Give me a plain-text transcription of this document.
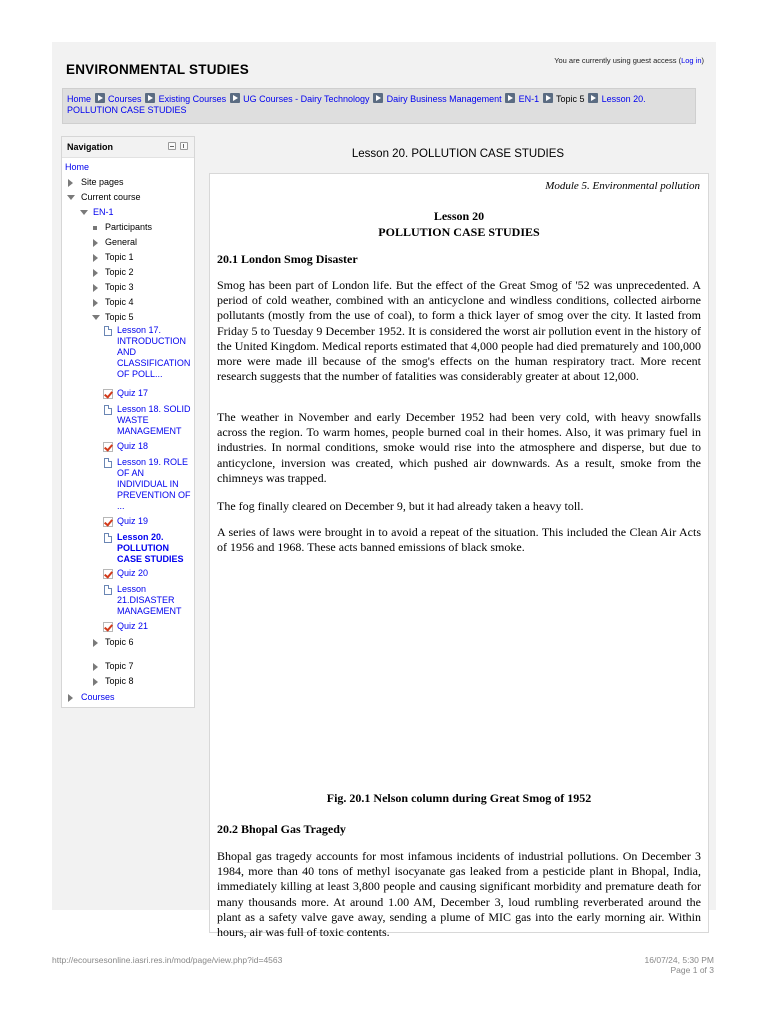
ENVIRONMENTAL STUDIES
You are currently using guest access (Log in)
Home Courses Existing Courses UG Courses - Dairy Technology Dairy Business Management EN-1 Topic 5 Lesson 20. POLLUTION CASE STUDIES
Navigation
Home
Site pages
Current course
EN-1
Participants
General
Topic 1
Topic 2
Topic 3
Topic 4
Topic 5
Lesson 17. INTRODUCTION AND CLASSIFICATION OF POLL...
Quiz 17
Lesson 18. SOLID WASTE MANAGEMENT
Quiz 18
Lesson 19. ROLE OF AN INDIVIDUAL IN PREVENTION OF ...
Quiz 19
Lesson 20. POLLUTION CASE STUDIES
Quiz 20
Lesson 21.DISASTER MANAGEMENT
Quiz 21
Topic 6
Topic 7
Topic 8
Courses
Lesson 20. POLLUTION CASE STUDIES
Module 5. Environmental pollution
Lesson 20
POLLUTION CASE STUDIES
20.1 London Smog Disaster

Smog has been part of London life. But the effect of the Great Smog of '52 was unprecedented. A period of cold weather, combined with an anticyclone and windless conditions, collected airborne pollutants (mostly from the use of coal), to form a thick layer of smog over the city. It lasted from Friday 5 to Tuesday 9 December 1952. It is considered the worst air pollution event in the history of the United Kingdom. Medical reports estimated that 4,000 people had died prematurely and 100,000 more were made ill because of the smog's effects on the human respiratory tract. More recent research suggests that the number of fatalities was considerably greater at about 12,000.

The weather in November and early December 1952 had been very cold, with heavy snowfalls across the region. To warm homes, people burned coal in their homes. Also, it was primary fuel in industries. In normal conditions, smoke would rise into the atmosphere and disperse, but due to anticyclone, inversion was created, which pushed air downwards. As a result, smoke from the chimneys was trapped.

The fog finally cleared on December 9, but it had already taken a heavy toll.

A series of laws were brought in to avoid a repeat of the situation. This included the Clean Air Acts of 1956 and 1968. These acts banned emissions of black smoke.

Fig. 20.1 Nelson column during Great Smog of 1952
20.2 Bhopal Gas Tragedy

Bhopal gas tragedy accounts for most infamous incidents of industrial pollutions. On December 3 1984, more than 40 tons of methyl isocyanate gas leaked from a pesticide plant in Bhopal, India, immediately killing at least 3,800 people and causing significant morbidity and premature death for many thousands more. At around 1.00 AM, December 3, loud rumbling reverberated around the plant as a safety valve gave away, sending a plume of MIC gas into the early morning air. Within hours, air was full of toxic contents.

http://ecoursesonline.iasri.res.in/mod/page/view.php?id=4563	16/07/24, 5:30 PM
Page 1 of 3
